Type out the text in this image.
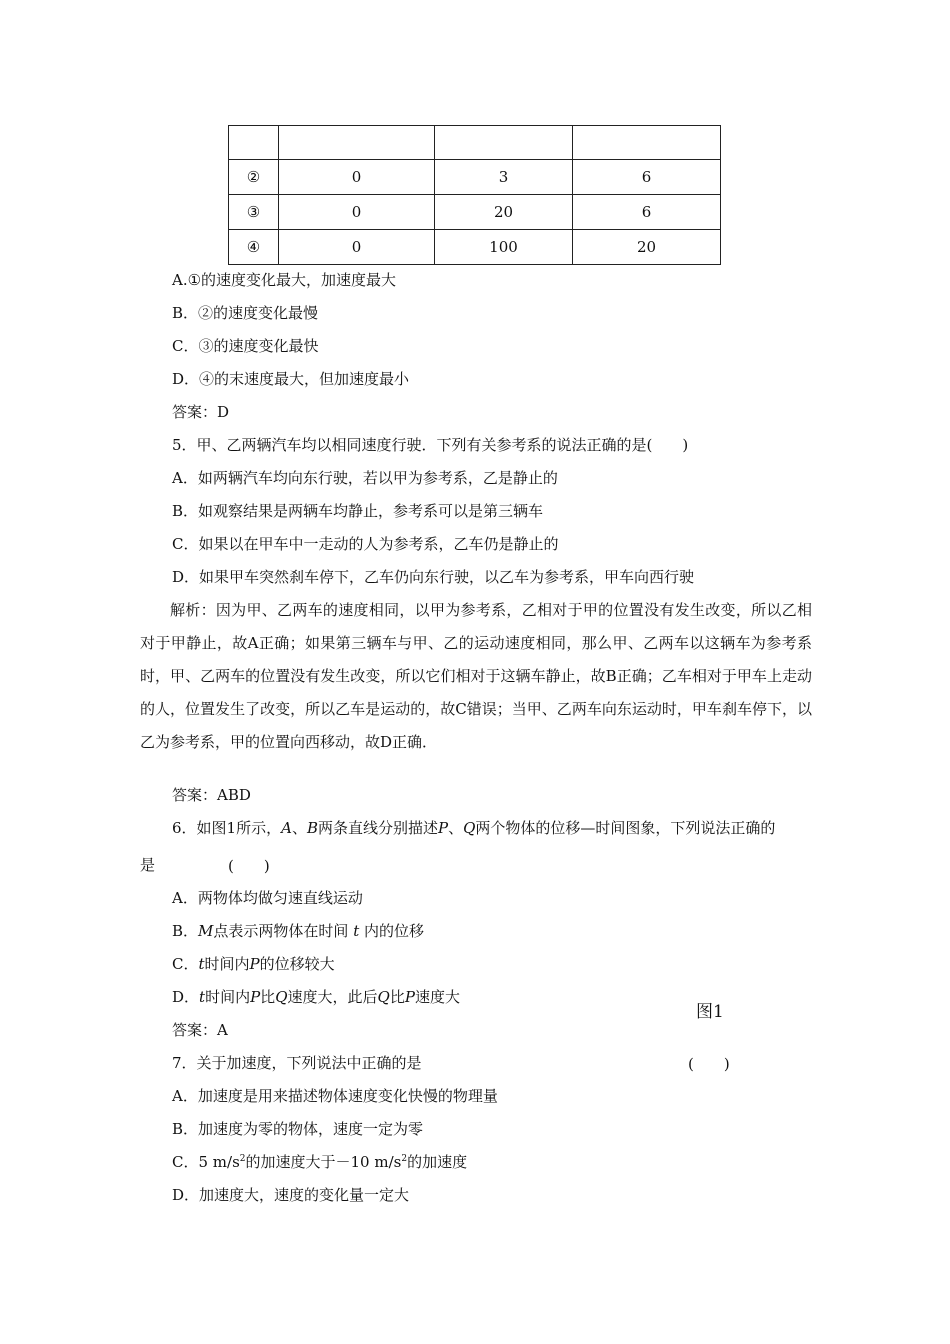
②	0	3	6
③	0	20	6
④	0	100	20
A.①的速度变化最大，加速度最大
B．②的速度变化最慢
C．③的速度变化最快
D．④的末速度最大，但加速度最小
答案：D
5．甲、乙两辆汽车均以相同速度行驶．下列有关参考系的说法正确的是(　　)
A．如两辆汽车均向东行驶，若以甲为参考系，乙是静止的
B．如观察结果是两辆车均静止，参考系可以是第三辆车
C．如果以在甲车中一走动的人为参考系，乙车仍是静止的
D．如果甲车突然刹车停下，乙车仍向东行驶，以乙车为参考系，甲车向西行驶
解析：因为甲、乙两车的速度相同，以甲为参考系，乙相对于甲的位置没有发生改变，所以乙相对于甲静止，故A正确；如果第三辆车与甲、乙的运动速度相同，那么甲、乙两车以这辆车为参考系时，甲、乙两车的位置没有发生改变，所以它们相对于这辆车静止，故B正确；乙车相对于甲车上走动的人，位置发生了改变，所以乙车是运动的，故C错误；当甲、乙两车向东运动时，甲车刹车停下，以乙为参考系，甲的位置向西移动，故D正确．
答案：ABD
6．如图1所示，A、B两条直线分别描述P、Q两个物体的位移—时间图象，下列说法正确的
是	(　　)
A．两物体均做匀速直线运动
B．M点表示两物体在时间 t 内的位移
C．t时间内P的位移较大
D．t时间内P比Q速度大，此后Q比P速度大
图1
答案：A
7．关于加速度，下列说法中正确的是	(　　)
A．加速度是用来描述物体速度变化快慢的物理量
B．加速度为零的物体，速度一定为零
C．5 $m/s^2$的加速度大于－10 $m/s^2$的加速度
D．加速度大，速度的变化量一定大
